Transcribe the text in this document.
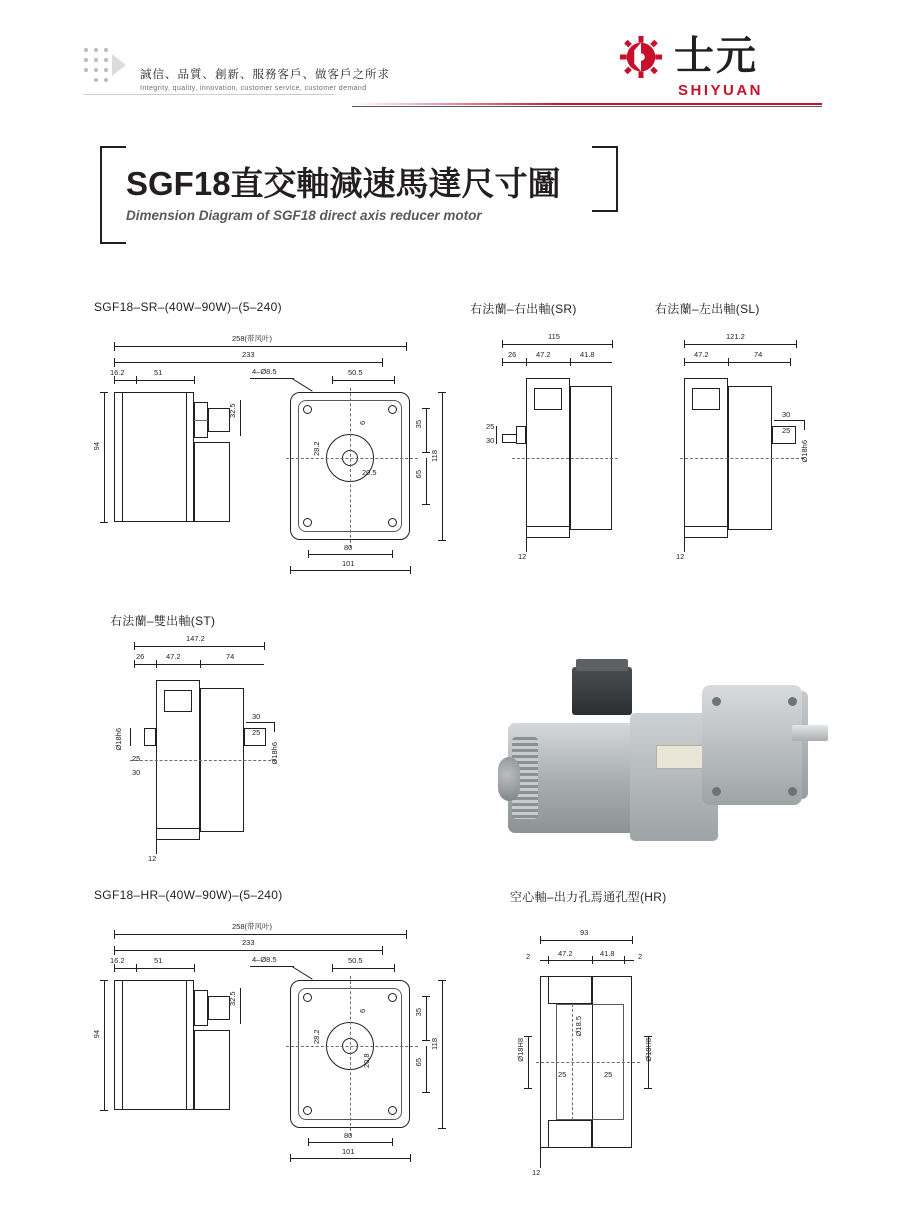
誠信、品質、創新、服務客戶、做客戶之所求
Integrity, quality, innovation, customer service, customer demand
士元
SHIYUAN
SGF18直交軸減速馬達尺寸圖
Dimension Diagram of SGF18 direct axis reducer motor
SGF18–SR–(40W–90W)–(5–240)	右法蘭–右出軸(SR)	右法蘭–左出軸(SL)
右法蘭–雙出軸(ST)
SGF18–HR–(40W–90W)–(5–240)	空心軸–出力孔焉通孔型(HR)
258(带风叶)
233
16.2	51	50.5
4–Ø8.5
94
32.5
6
28.2
20.5
35
65
118
80
101
115
26	47.2	41.8
25
30
12
121.2
47.2	74
30
25
Ø18h6
12
147.2
26	47.2	74
30
25
Ø18h6
Ø18h6
25
30
12
258(带风叶)
233
16.2	51	50.5
4–Ø8.5
94
32.5
6
28.2
20.8
35
65
118
80
101
93
2	47.2	41.8	2
Ø18H8
Ø18.5
25	25
Ø18H8
12
